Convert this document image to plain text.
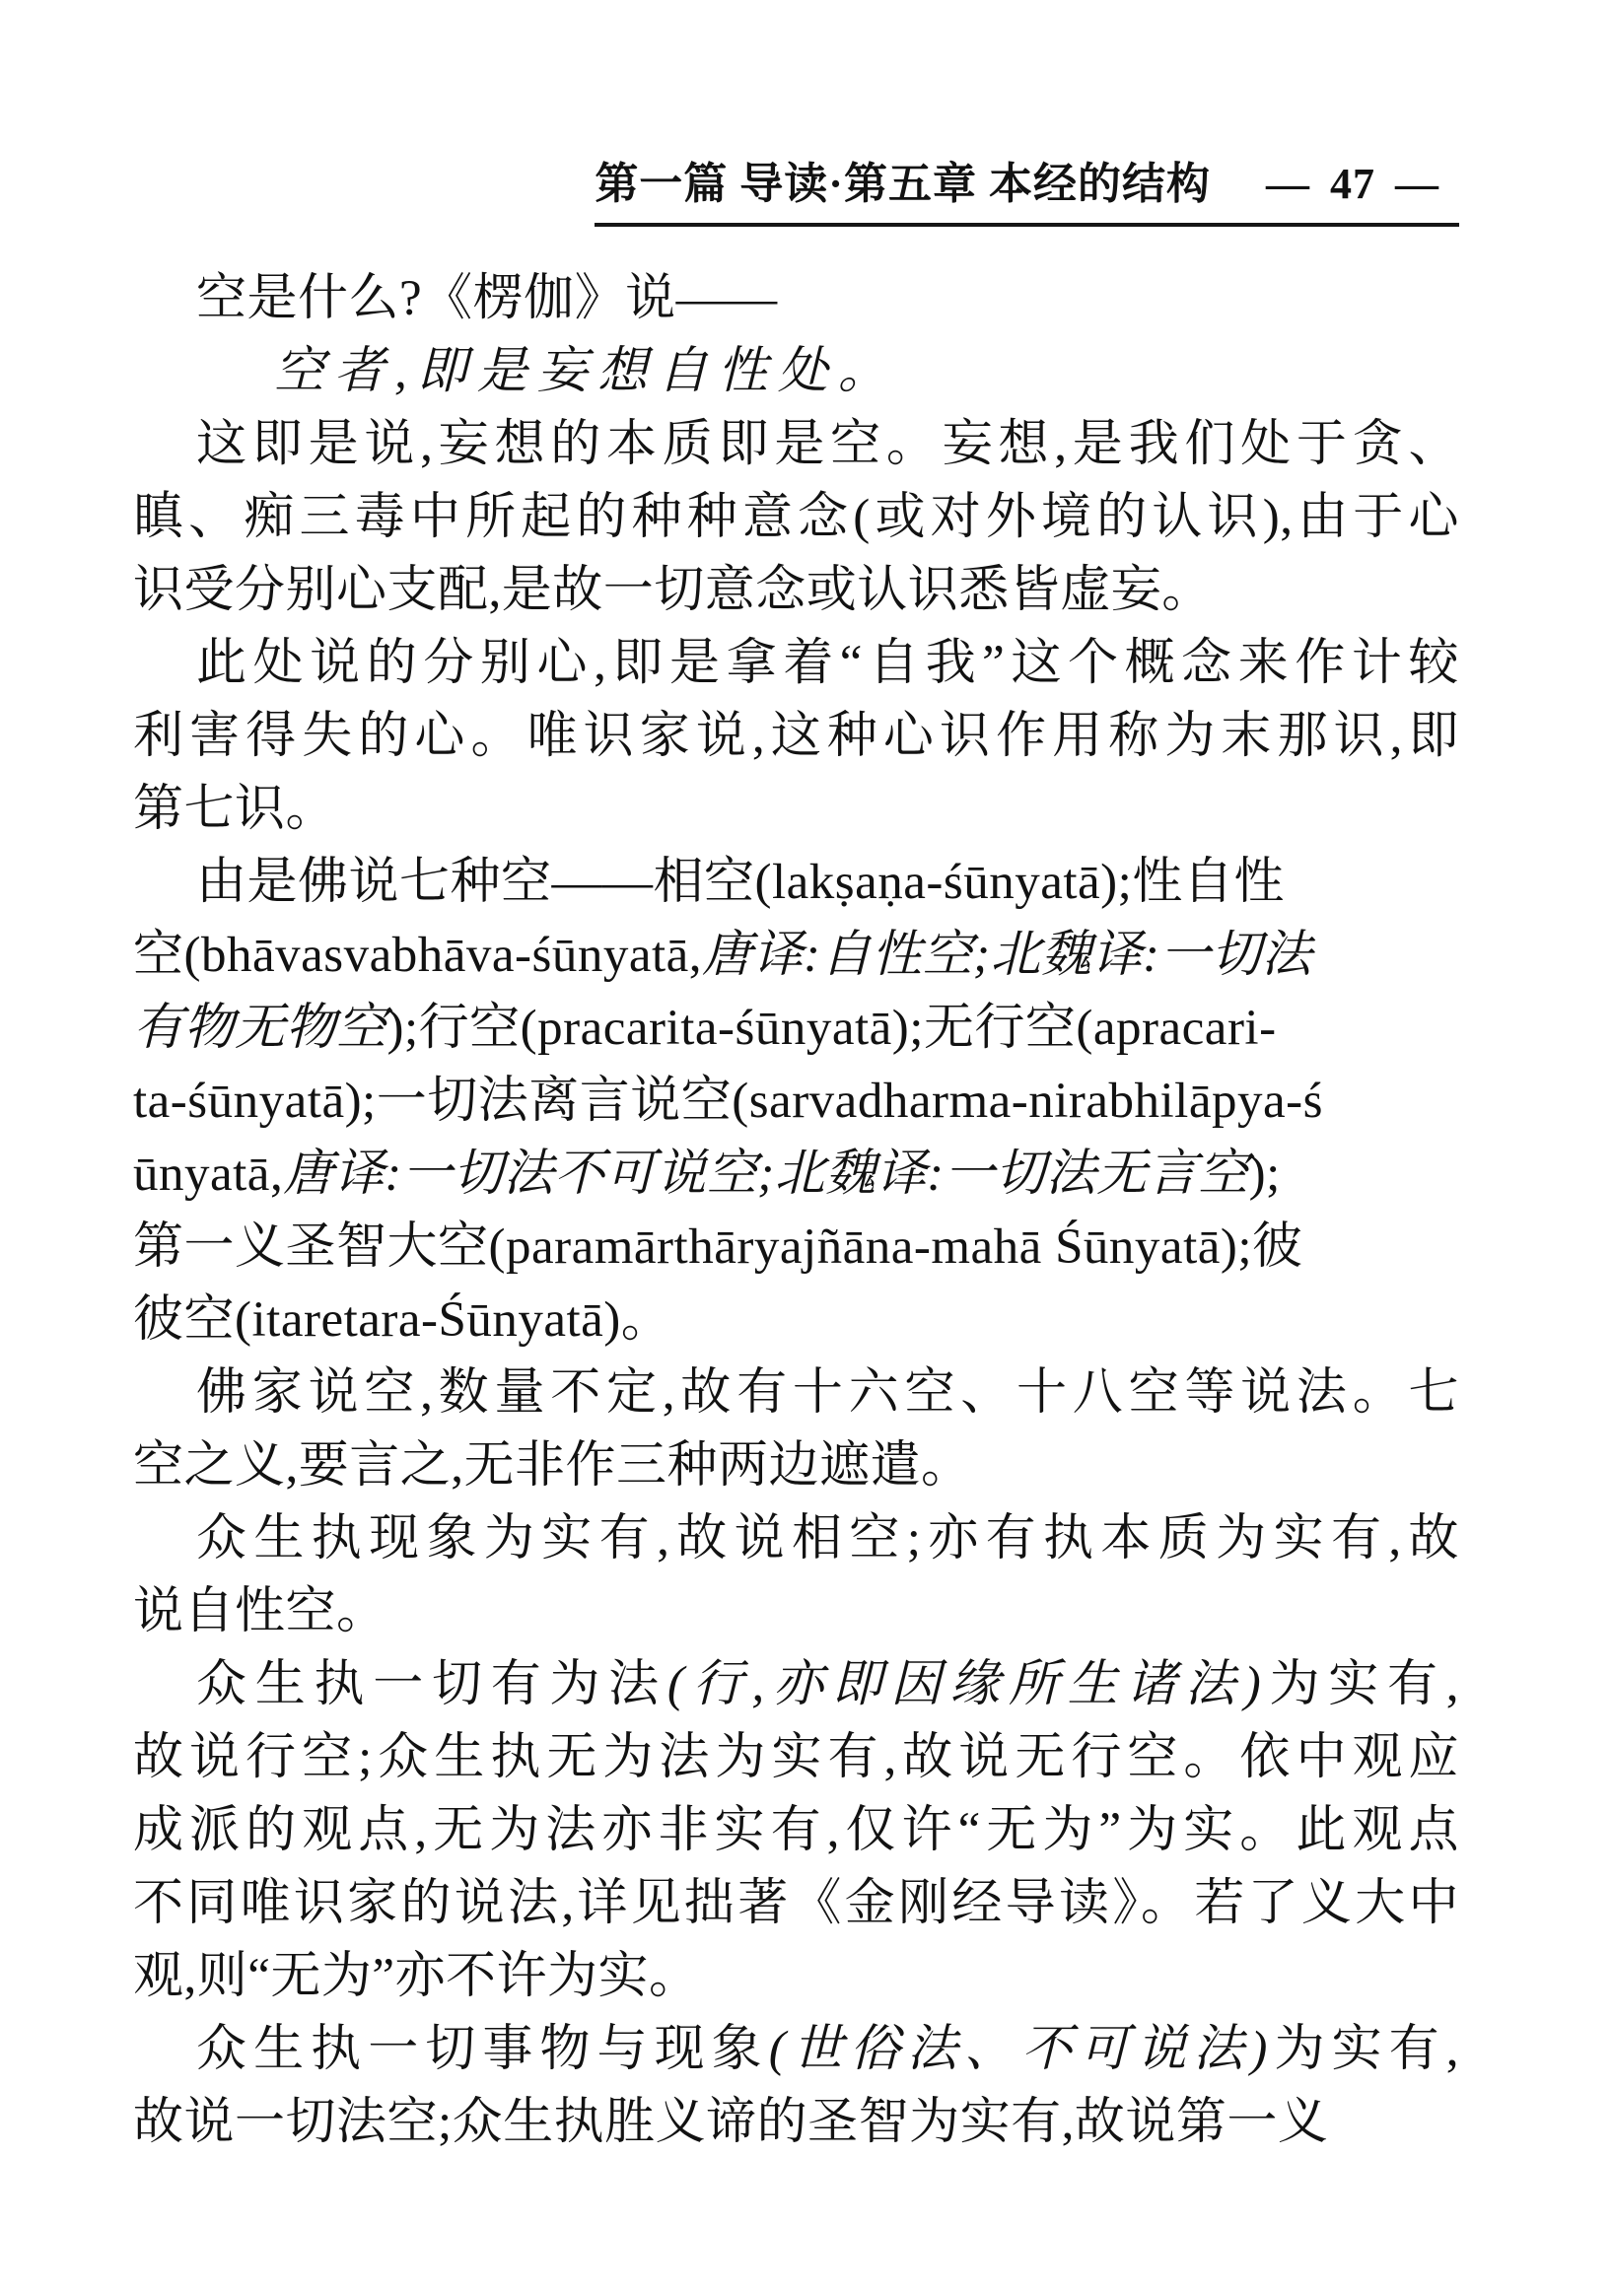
第一篇 导读·第五章 本经的结构 — 47 —
空是什么?《楞伽》说——
空者,即是妄想自性处。
这即是说,妄想的本质即是空。妄想,是我们处于贪、
瞋、痴三毒中所起的种种意念(或对外境的认识),由于心
识受分别心支配,是故一切意念或认识悉皆虚妄。
此处说的分别心,即是拿着“自我”这个概念来作计较
利害得失的心。唯识家说,这种心识作用称为末那识,即
第七识。
由是佛说七种空——相空(lakṣaṇa-śūnyatā);性自性
空(bhāvasvabhāva-śūnyatā,唐译:自性空;北魏译:一切法
有物无物空);行空(pracarita-śūnyatā);无行空(apracari-
ta-śūnyatā);一切法离言说空(sarvadharma-nirabhilāpya-ś
ūnyatā,唐译:一切法不可说空;北魏译:一切法无言空);
第一义圣智大空(paramārthāryajñāna-mahā Śūnyatā);彼
彼空(itaretara-Śūnyatā)。
佛家说空,数量不定,故有十六空、十八空等说法。七
空之义,要言之,无非作三种两边遮遣。
众生执现象为实有,故说相空;亦有执本质为实有,故
说自性空。
众生执一切有为法(行,亦即因缘所生诸法)为实有,
故说行空;众生执无为法为实有,故说无行空。依中观应
成派的观点,无为法亦非实有,仅许“无为”为实。此观点
不同唯识家的说法,详见拙著《金刚经导读》。若了义大中
观,则“无为”亦不许为实。
众生执一切事物与现象(世俗法、不可说法)为实有,
故说一切法空;众生执胜义谛的圣智为实有,故说第一义
